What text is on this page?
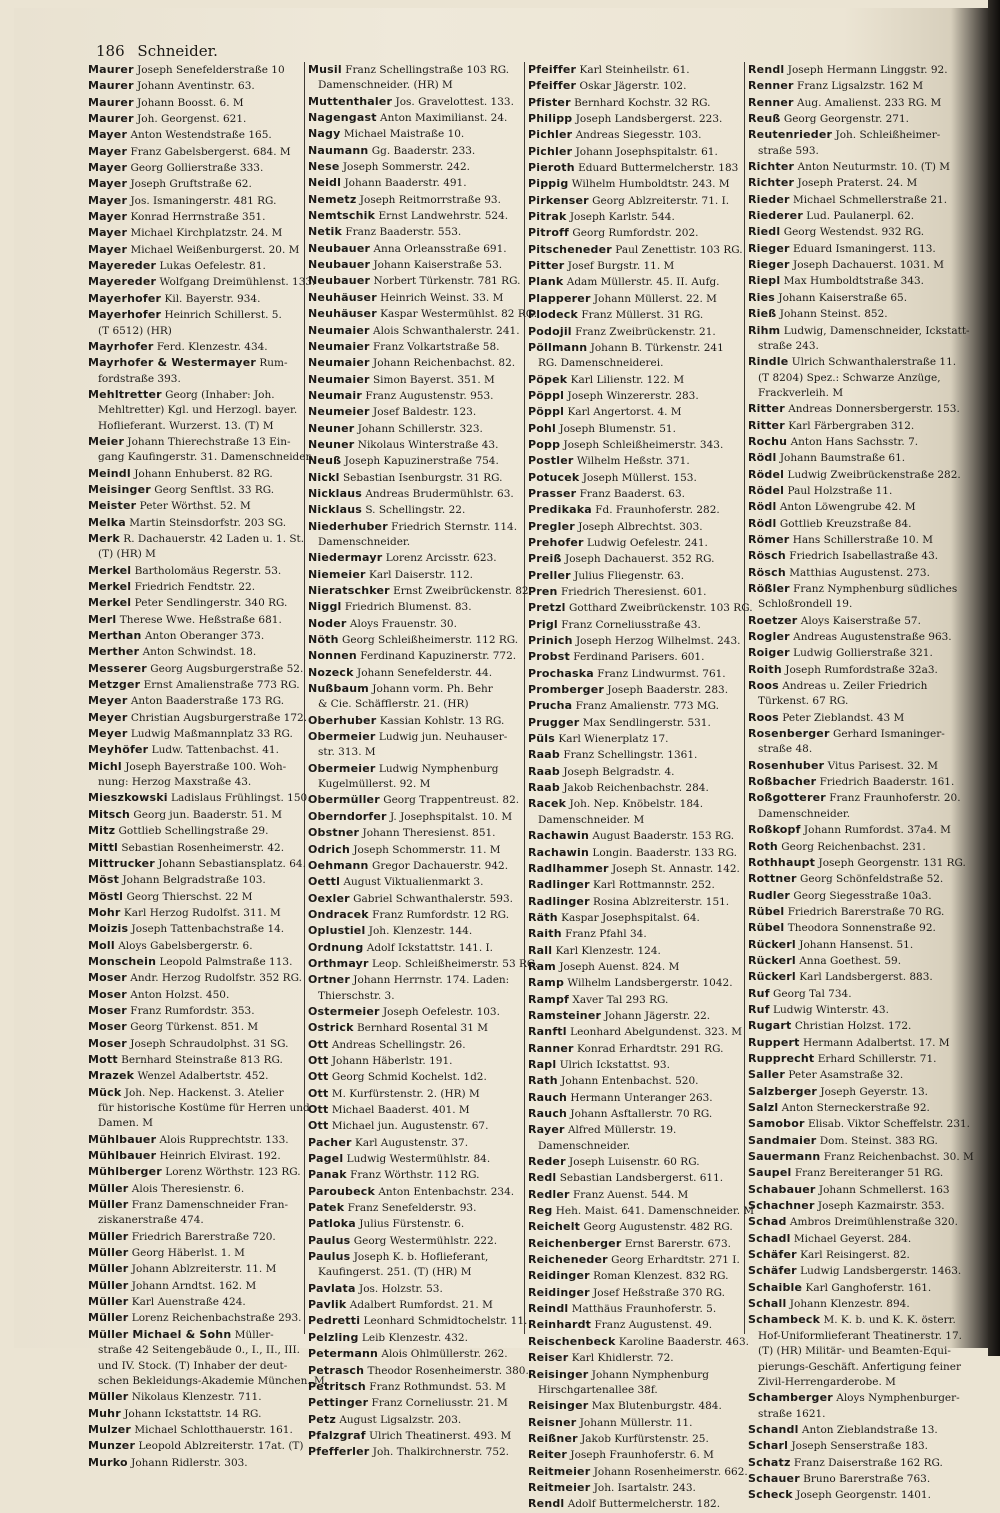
186 Schneider.
Maurer Joseph Senefelderstraße 10
Maurer Johann Aventinstr. 63.
Maurer Johann Boosst. 6. M
Maurer Joh. Georgenst. 621.
Mayer Anton Westendstraße 165.
Mayer Franz Gabelsbergerst. 684. M
Mayer Georg Gollierstraße 333.
Mayer Joseph Gruftstraße 62.
Mayer Jos. Ismaningerstr. 481 RG.
Mayer Konrad Herrnstraße 351.
Mayer Michael Kirchplatzstr. 24. M
Mayer Michael Weißenburgerst. 20. M
Mayereder Lukas Oefelestr. 81.
Mayereder Wolfgang Dreimühlenst. 133.
Mayerhofer Kil. Bayerstr. 934.
Mayerhofer Heinrich Schillerst. 5.
(T 6512) (HR)
Mayrhofer Ferd. Klenzestr. 434.
Mayrhofer & Westermayer Rum-
fordstraße 393.
Mehltretter Georg (Inhaber: Joh.
Mehltretter) Kgl. und Herzogl. bayer.
Hoflieferant. Wurzerst. 13. (T) M
Meier Johann Thierechstraße 13 Ein-
gang Kaufingerstr. 31. Damenschneider.
Meindl Johann Enhuberst. 82 RG.
Meisinger Georg Senftlst. 33 RG.
Meister Peter Wörthst. 52. M
Melka Martin Steinsdorfstr. 203 SG.
Merk R. Dachauerstr. 42 Laden u. 1. St.
(T) (HR) M
Merkel Bartholomäus Regerstr. 53.
Merkel Friedrich Fendtstr. 22.
Merkel Peter Sendlingerstr. 340 RG.
Merl Therese Wwe. Heßstraße 681.
Merthan Anton Oberanger 373.
Merther Anton Schwindst. 18.
Messerer Georg Augsburgerstraße 52.
Metzger Ernst Amalienstraße 773 RG.
Meyer Anton Baaderstraße 173 RG.
Meyer Christian Augsburgerstraße 172.
Meyer Ludwig Maßmannplatz 33 RG.
Meyhöfer Ludw. Tattenbachst. 41.
Michl Joseph Bayerstraße 100. Woh-
nung: Herzog Maxstraße 43.
Mieszkowski Ladislaus Frühlingst. 150.
Mitsch Georg jun. Baaderstr. 51. M
Mitz Gottlieb Schellingstraße 29.
Mittl Sebastian Rosenheimerstr. 42.
Mittrucker Johann Sebastiansplatz. 64.
Möst Johann Belgradstraße 103.
Möstl Georg Thierschst. 22 M
Mohr Karl Herzog Rudolfst. 311. M
Moizis Joseph Tattenbachstraße 14.
Moll Aloys Gabelsbergerstr. 6.
Monschein Leopold Palmstraße 113.
Moser Andr. Herzog Rudolfstr. 352 RG.
Moser Anton Holzst. 450.
Moser Franz Rumfordstr. 353.
Moser Georg Türkenst. 851. M
Moser Joseph Schraudolphst. 31 SG.
Mott Bernhard Steinstraße 813 RG.
Mrazek Wenzel Adalbertstr. 452.
Mück Joh. Nep. Hackenst. 3. Atelier
für historische Kostüme für Herren und
Damen. M
Mühlbauer Alois Rupprechtstr. 133.
Mühlbauer Heinrich Elvirast. 192.
Mühlberger Lorenz Wörthstr. 123 RG.
Müller Alois Theresienstr. 6.
Müller Franz Damenschneider Fran-
ziskanerstraße 474.
Müller Friedrich Barerstraße 720.
Müller Georg Häberlst. 1. M
Müller Johann Ablzreiterstr. 11. M
Müller Johann Arndtst. 162. M
Müller Karl Auenstraße 424.
Müller Lorenz Reichenbachstraße 293.
Müller Michael & Sohn Müller-
straße 42 Seitengebäude 0., I., II., III.
und IV. Stock. (T) Inhaber der deut-
schen Bekleidungs-Akademie München. M
Müller Nikolaus Klenzestr. 711.
Muhr Johann Ickstattstr. 14 RG.
Mulzer Michael Schlotthauerstr. 161.
Munzer Leopold Ablzreiterstr. 17at. (T)
Murko Johann Ridlerstr. 303.
Musil Franz Schellingstraße 103 RG.
Damenschneider. (HR) M
Muttenthaler Jos. Gravelottest. 133.
Nagengast Anton Maximilianst. 24.
Nagy Michael Maistraße 10.
Naumann Gg. Baaderstr. 233.
Nese Joseph Sommerstr. 242.
Neidl Johann Baaderstr. 491.
Nemetz Joseph Reitmorrstraße 93.
Nemtschik Ernst Landwehrstr. 524.
Netik Franz Baaderstr. 553.
Neubauer Anna Orleansstraße 691.
Neubauer Johann Kaiserstraße 53.
Neubauer Norbert Türkenstr. 781 RG.
Neuhäuser Heinrich Weinst. 33. M
Neuhäuser Kaspar Westermühlst. 82 RG.
Neumaier Alois Schwanthalerstr. 241.
Neumaier Franz Volkartstraße 58.
Neumaier Johann Reichenbachst. 82.
Neumaier Simon Bayerst. 351. M
Neumair Franz Augustenstr. 953.
Neumeier Josef Baldestr. 123.
Neuner Johann Schillerstr. 323.
Neuner Nikolaus Winterstraße 43.
Neuß Joseph Kapuzinerstraße 754.
Nickl Sebastian Isenburgstr. 31 RG.
Nicklaus Andreas Brudermühlstr. 63.
Nicklaus S. Schellingstr. 22.
Niederhuber Friedrich Sternstr. 114.
Damenschneider.
Niedermayr Lorenz Arcisstr. 623.
Niemeier Karl Daiserstr. 112.
Nieratschker Ernst Zweibrückenstr. 82.
Niggl Friedrich Blumenst. 83.
Noder Aloys Frauenstr. 30.
Nöth Georg Schleißheimerstr. 112 RG.
Nonnen Ferdinand Kapuzinerstr. 772.
Nozeck Johann Senefelderstr. 44.
Nußbaum Johann vorm. Ph. Behr
& Cie. Schäfflerstr. 21. (HR)
Oberhuber Kassian Kohlstr. 13 RG.
Obermeier Ludwig jun. Neuhauser-
str. 313. M
Obermeier Ludwig Nymphenburg
Kugelmüllerst. 92. M
Obermüller Georg Trappentreust. 82.
Oberndorfer J. Josephspitalst. 10. M
Obstner Johann Theresienst. 851.
Odrich Joseph Schommerstr. 11. M
Oehmann Gregor Dachauerstr. 942.
Oettl August Viktualienmarkt 3.
Oexler Gabriel Schwanthalerstr. 593.
Ondracek Franz Rumfordstr. 12 RG.
Oplustiel Joh. Klenzestr. 144.
Ordnung Adolf Ickstattstr. 141. I.
Orthmayr Leop. Schleißheimerstr. 53 RG.
Ortner Johann Herrnstr. 174. Laden:
Thierschstr. 3.
Ostermeier Joseph Oefelestr. 103.
Ostrick Bernhard Rosental 31 M
Ott Andreas Schellingstr. 26.
Ott Johann Häberlstr. 191.
Ott Georg Schmid Kochelst. 1d2.
Ott M. Kurfürstenstr. 2. (HR) M
Ott Michael Baaderst. 401. M
Ott Michael jun. Augustenstr. 67.
Pacher Karl Augustenstr. 37.
Pagel Ludwig Westermühlstr. 84.
Panak Franz Wörthstr. 112 RG.
Paroubeck Anton Entenbachstr. 234.
Patek Franz Senefelderstr. 93.
Patloka Julius Fürstenstr. 6.
Paulus Georg Westermühlstr. 222.
Paulus Joseph K. b. Hoflieferant,
Kaufingerst. 251. (T) (HR) M
Pavlata Jos. Holzstr. 53.
Pavlik Adalbert Rumfordst. 21. M
Pedretti Leonhard Schmidtochelstr. 11.
Pelzling Leib Klenzestr. 432.
Petermann Alois Ohlmüllerstr. 262.
Petrasch Theodor Rosenheimerstr. 380.
Petritsch Franz Rothmundst. 53. M
Pettinger Franz Corneliusstr. 21. M
Petz August Ligsalzstr. 203.
Pfalzgraf Ulrich Theatinerst. 493. M
Pfefferler Joh. Thalkirchnerstr. 752.
Pfeiffer Karl Steinheilstr. 61.
Pfeiffer Oskar Jägerstr. 102.
Pfister Bernhard Kochstr. 32 RG.
Philipp Joseph Landsbergerst. 223.
Pichler Andreas Siegesstr. 103.
Pichler Johann Josephspitalstr. 61.
Pieroth Eduard Buttermelcherstr. 183
Pippig Wilhelm Humboldtstr. 243. M
Pirkenser Georg Ablzreiterstr. 71. I.
Pitrak Joseph Karlstr. 544.
Pitroff Georg Rumfordstr. 202.
Pitscheneder Paul Zenettistr. 103 RG.
Pitter Josef Burgstr. 11. M
Plank Adam Müllerstr. 45. II. Aufg.
Plapperer Johann Müllerst. 22. M
Plodeck Franz Müllerst. 31 RG.
Podojil Franz Zweibrückenstr. 21.
Pöllmann Johann B. Türkenstr. 241
RG. Damenschneiderei.
Pöpek Karl Lilienstr. 122. M
Pöppl Joseph Winzererstr. 283.
Pöppl Karl Angertorst. 4. M
Pohl Joseph Blumenstr. 51.
Popp Joseph Schleißheimerstr. 343.
Postler Wilhelm Heßstr. 371.
Potucek Joseph Müllerst. 153.
Prasser Franz Baaderst. 63.
Predikaka Fd. Fraunhoferstr. 282.
Pregler Joseph Albrechtst. 303.
Prehofer Ludwig Oefelestr. 241.
Preiß Joseph Dachauerst. 352 RG.
Preller Julius Fliegenstr. 63.
Pren Friedrich Theresienst. 601.
Pretzl Gotthard Zweibrückenstr. 103 RG.
Prigl Franz Corneliusstraße 43.
Prinich Joseph Herzog Wilhelmst. 243.
Probst Ferdinand Parisers. 601.
Prochaska Franz Lindwurmst. 761.
Promberger Joseph Baaderstr. 283.
Prucha Franz Amalienstr. 773 MG.
Prugger Max Sendlingerstr. 531.
Püls Karl Wienerplatz 17.
Raab Franz Schellingstr. 1361.
Raab Joseph Belgradstr. 4.
Raab Jakob Reichenbachstr. 284.
Racek Joh. Nep. Knöbelstr. 184.
Damenschneider. M
Rachawin August Baaderstr. 153 RG.
Rachawin Longin. Baaderstr. 133 RG.
Radlhammer Joseph St. Annastr. 142.
Radlinger Karl Rottmannstr. 252.
Radlinger Rosina Ablzreiterstr. 151.
Räth Kaspar Josephspitalst. 64.
Raith Franz Pfahl 34.
Rall Karl Klenzestr. 124.
Ram Joseph Auenst. 824. M
Ramp Wilhelm Landsbergerstr. 1042.
Rampf Xaver Tal 293 RG.
Ramsteiner Johann Jägerstr. 22.
Ranftl Leonhard Abelgundenst. 323. M
Ranner Konrad Erhardtstr. 291 RG.
Rapl Ulrich Ickstattst. 93.
Rath Johann Entenbachst. 520.
Rauch Hermann Unteranger 263.
Rauch Johann Asftallerstr. 70 RG.
Rayer Alfred Müllerstr. 19.
Damenschneider.
Reder Joseph Luisenstr. 60 RG.
Redl Sebastian Landsbergerst. 611.
Redler Franz Auenst. 544. M
Reg Heh. Maist. 641. Damenschneider. M
Reichelt Georg Augustenstr. 482 RG.
Reichenberger Ernst Barerstr. 673.
Reicheneder Georg Erhardtstr. 271 I.
Reidinger Roman Klenzest. 832 RG.
Reidinger Josef Heßstraße 370 RG.
Reindl Matthäus Fraunhoferstr. 5.
Reinhardt Franz Augustenst. 49.
Reischenbeck Karoline Baaderstr. 463.
Reiser Karl Khidlerstr. 72.
Reisinger Johann Nymphenburg
Hirschgartenallee 38f.
Reisinger Max Blutenburgstr. 484.
Reisner Johann Müllerstr. 11.
Reißner Jakob Kurfürstenstr. 25.
Reiter Joseph Fraunhoferstr. 6. M
Reitmeier Johann Rosenheimerstr. 662.
Reitmeier Joh. Isartalstr. 243.
Rendl Adolf Buttermelcherstr. 182.
Rendl Joseph Hermann Linggstr. 92.
Renner Franz Ligsalzstr. 162 M
Renner Aug. Amalienst. 233 RG. M
Reuß Georg Georgenstr. 271.
Reutenrieder Joh. Schleißheimer-
straße 593.
Richter Anton Neuturmstr. 10. (T) M
Richter Joseph Praterst. 24. M
Rieder Michael Schmellerstraße 21.
Riederer Lud. Paulanerpl. 62.
Riedl Georg Westendst. 932 RG.
Rieger Eduard Ismaningerst. 113.
Rieger Joseph Dachauerst. 1031. M
Riepl Max Humboldtstraße 343.
Ries Johann Kaiserstraße 65.
Rieß Johann Steinst. 852.
Rihm Ludwig, Damenschneider, Ickstatt-
straße 243.
Rindle Ulrich Schwanthalerstraße 11.
(T 8204) Spez.: Schwarze Anzüge,
Frackverleih. M
Ritter Andreas Donnersbergerstr. 153.
Ritter Karl Färbergraben 312.
Rochu Anton Hans Sachsstr. 7.
Rödl Johann Baumstraße 61.
Rödel Ludwig Zweibrückenstraße 282.
Rödel Paul Holzstraße 11.
Rödl Anton Löwengrube 42. M
Rödl Gottlieb Kreuzstraße 84.
Römer Hans Schillerstraße 10. M
Rösch Friedrich Isabellastraße 43.
Rösch Matthias Augustenst. 273.
Rößler Franz Nymphenburg südliches
Schloßrondell 19.
Roetzer Aloys Kaiserstraße 57.
Rogler Andreas Augustenstraße 963.
Roiger Ludwig Gollierstraße 321.
Roith Joseph Rumfordstraße 32a3.
Roos Andreas u. Zeiler Friedrich
Türkenst. 67 RG.
Roos Peter Zieblandst. 43 M
Rosenberger Gerhard Ismaninger-
straße 48.
Rosenhuber Vitus Parisest. 32. M
Roßbacher Friedrich Baaderstr. 161.
Roßgotterer Franz Fraunhoferstr. 20.
Damenschneider.
Roßkopf Johann Rumfordst. 37a4. M
Roth Georg Reichenbachst. 231.
Rothhaupt Joseph Georgenstr. 131 RG.
Rottner Georg Schönfeldstraße 52.
Rudler Georg Siegesstraße 10a3.
Rübel Friedrich Barerstraße 70 RG.
Rübel Theodora Sonnenstraße 92.
Rückerl Johann Hansenst. 51.
Rückerl Anna Goethest. 59.
Rückerl Karl Landsbergerst. 883.
Ruf Georg Tal 734.
Ruf Ludwig Winterstr. 43.
Rugart Christian Holzst. 172.
Ruppert Hermann Adalbertst. 17. M
Rupprecht Erhard Schillerstr. 71.
Saller Peter Asamstraße 32.
Salzberger Joseph Geyerstr. 13.
Salzl Anton Sterneckerstraße 92.
Samobor Elisab. Viktor Scheffelstr. 231.
Sandmaier Dom. Steinst. 383 RG.
Sauermann Franz Reichenbachst. 30. M
Saupel Franz Bereiteranger 51 RG.
Schabauer Johann Schmellerst. 163
Schachner Joseph Kazmairstr. 353.
Schad Ambros Dreimühlenstraße 320.
Schadl Michael Geyerst. 284.
Schäfer Karl Reisingerst. 82.
Schäfer Ludwig Landsbergerstr. 1463.
Schaible Karl Ganghoferstr. 161.
Schall Johann Klenzestr. 894.
Schambeck M. K. b. und K. K. österr.
Hof-Uniformlieferant Theatinerstr. 17.
(T) (HR) Militär- und Beamten-Equi-
pierungs-Geschäft. Anfertigung feiner
Zivil-Herrengarderobe. M
Schamberger Aloys Nymphenburger-
straße 1621.
Schandl Anton Zieblandstraße 13.
Scharl Joseph Senserstraße 183.
Schatz Franz Daiserstraße 162 RG.
Schauer Bruno Barerstraße 763.
Scheck Joseph Georgenstr. 1401.
